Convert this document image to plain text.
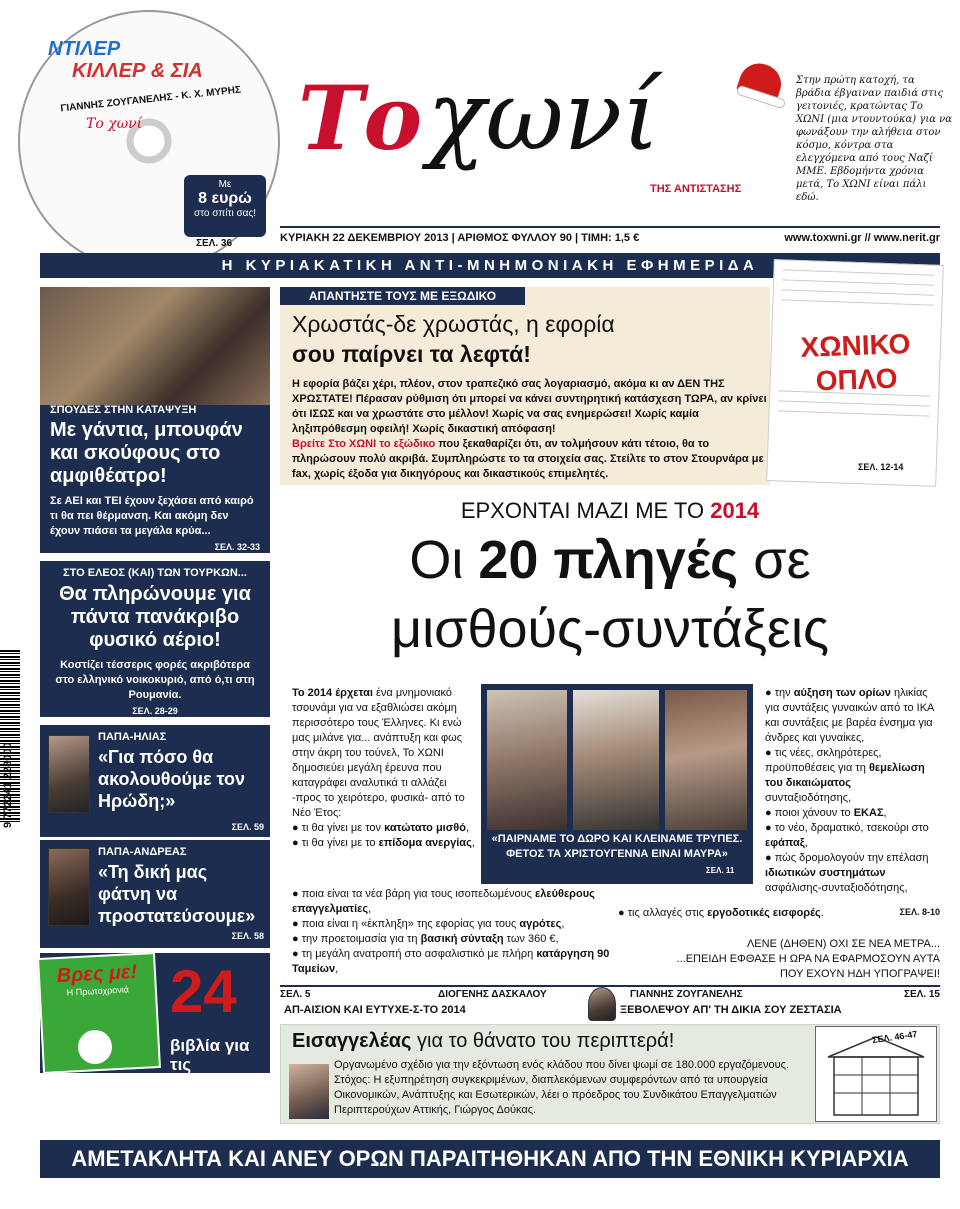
ΝΤΙΛΕΡ
ΚΙΛΛΕΡ & ΣΙΑ
ΓΙΑΝΝΗΣ ΖΟΥΓΑΝΕΛΗΣ - Κ. Χ. ΜΥΡΗΣ
Το χωνί
Με
8 ευρώ
στο σπίτι σας!
ΣΕΛ. 36
Το χωνί
ΤΗΣ ΑΝΤΙΣΤΑΣΗΣ
Στην πρώτη κατοχή, τα βράδια έβγαιναν παιδιά στις γειτονιές, κρατώντας Το ΧΩΝΙ (μια ντουντούκα) για να φωνάξουν την αλήθεια στον κόσμο, κόντρα στα ελεγχόμενα από τους Ναζί ΜΜΕ. Εβδομήντα χρόνια μετά, Το ΧΩΝΙ είναι πάλι εδώ.
ΚΥΡΙΑΚΗ 22 ΔΕΚΕΜΒΡΙΟΥ 2013 | ΑΡΙΘΜΟΣ ΦΥΛΛΟΥ 90 | ΤΙΜΗ: 1,5 €	www.toxwni.gr // www.nerit.gr
Η ΚΥΡΙΑΚΑΤΙΚΗ ΑΝΤΙ-ΜΝΗΜΟΝΙΑΚΗ ΕΦΗΜΕΡΙΔΑ
ΣΠΟΥΔΕΣ ΣΤΗΝ ΚΑΤΑΨΥΞΗ
Με γάντια, μπουφάν και σκούφους στο αμφιθέατρο!
Σε ΑΕΙ και ΤΕΙ έχουν ξεχάσει από καιρό τι θα πει θέρμανση. Και ακόμη δεν έχουν πιάσει τα μεγάλα κρύα...
ΣΕΛ. 32-33
ΣΤΟ ΕΛΕΟΣ (ΚΑΙ) ΤΩΝ ΤΟΥΡΚΩΝ...
Θα πληρώνουμε για πάντα πανάκριβο φυσικό αέριο!
Κοστίζει τέσσερις φορές ακριβότερα στο ελληνικό νοικοκυριό, από ό,τι στη Ρουμανία.
ΣΕΛ. 28-29
ΠΑΠΑ-ΗΛΙΑΣ
«Για πόσο θα ακολουθούμε τον Ηρώδη;»
ΣΕΛ. 59
ΠΑΠΑ-ΑΝΔΡΕΑΣ
«Τη δική μας φάτνη να προστατεύσουμε»
ΣΕΛ. 58
Βρες με!
Η Πρωτοχρονιά 24
βιβλία για τις γιορτές!
ΣΕΛ. 48-51
ΑΠΑΝΤΗΣΤΕ ΤΟΥΣ ΜΕ ΕΞΩΔΙΚΟ
Χρωστάς-δε χρωστάς, η εφορία
σου παίρνει τα λεφτά!
Η εφορία βάζει χέρι, πλέον, στον τραπεζικό σας λογαριασμό, ακόμα κι αν ΔΕΝ ΤΗΣ ΧΡΩΣΤΑΤΕ! Πέρασαν ρύθμιση ότι μπορεί να κάνει συντηρητική κατάσχεση ΤΩΡΑ, αν κρίνει ότι ΙΣΩΣ και να χρωστάτε στο μέλλον! Χωρίς να σας ενημερώσει! Χωρίς καμία ληξιπρόθεσμη οφειλή! Χωρίς δικαστική απόφαση!
Βρείτε Στο ΧΩΝΙ το εξώδικο που ξεκαθαρίζει ότι, αν τολμήσουν κάτι τέτοιο, θα το πληρώσουν πολύ ακριβά. Συμπληρώστε το τα στοιχεία σας. Στείλτε το στον Στουρνάρα με fax, χωρίς έξοδα για δικηγόρους και δικαστικούς επιμελητές.
ΧΩΝΙΚΟ ΟΠΛΟ
ΣΕΛ. 12-14
ΕΡΧΟΝΤΑΙ ΜΑΖΙ ΜΕ ΤΟ 2014
Οι 20 πληγές σε
μισθούς-συντάξεις

Το 2014 έρχεται ένα μνημονιακό τσουνάμι για να εξαθλιώσει ακόμη περισσότερο τους Έλληνες. Κι ενώ μας μιλάνε για... ανάπτυξη και φως στην άκρη του τούνελ, Το ΧΩΝΙ δημοσιεύει μεγάλη έρευνα που καταγράφει αναλυτικά τι αλλάζει -προς το χειρότερο, φυσικά- από το Νέο Έτος:

● τι θα γίνει με τον κατώτατο μισθό,

● τι θα γίνει με το επίδομα ανεργίας,	«ΠΑΙΡΝΑΜΕ ΤΟ ΔΩΡΟ ΚΑΙ ΚΛΕΙΝΑΜΕ ΤΡΥΠΕΣ. ΦΕΤΟΣ ΤΑ ΧΡΙΣΤΟΥΓΕΝΝΑ ΕΙΝΑΙ ΜΑΥΡΑ»
ΣΕΛ. 11

● την αύξηση των ορίων ηλικίας για συντάξεις γυναικών από το ΙΚΑ και συντάξεις με βαρέα ένσημα για άνδρες και γυναίκες,

● τις νέες, σκληρότερες, προϋποθέσεις για τη θεμελίωση του δικαιώματος συνταξιοδότησης,

● ποιοι χάνουν το ΕΚΑΣ,

● το νέο, δραματικό, τσεκούρι στο εφάπαξ,

● πώς δρομολογούν την επέλαση ιδιωτικών συστημάτων ασφάλισης-συνταξιοδότησης,

● ποια είναι τα νέα βάρη για τους ισοπεδωμένους ελεύθερους επαγγελματίες,

● ποια είναι η «έκπληξη» της εφορίας για τους αγρότες,

● την προετοιμασία για τη βασική σύνταξη των 360 €,

● τη μεγάλη ανατροπή στο ασφαλιστικό με πλήρη κατάργηση 90 Ταμείων,

● τις αλλαγές στις εργοδοτικές εισφορές.	ΣΕΛ. 8-10
ΛΕΝΕ (ΔΗΘΕΝ) ΟΧΙ ΣΕ ΝΕΑ ΜΕΤΡΑ...
...ΕΠΕΙΔΗ ΕΦΘΑΣΕ Η ΩΡΑ ΝΑ ΕΦΑΡΜΟΣΟΥΝ ΑΥΤΑ
ΠΟΥ ΕΧΟΥΝ ΗΔΗ ΥΠΟΓΡΑΨΕΙ!
ΣΕΛ. 5	ΔΙΟΓΕΝΗΣ ΔΑΣΚΑΛΟΥ	ΓΙΑΝΝΗΣ ΖΟΥΓΑΝΕΛΗΣ	ΣΕΛ. 15
ΑΠ-ΑΙΣΙΟΝ ΚΑΙ ΕΥΤΥΧΕ-Σ-ΤΟ 2014	ΞΕΒΟΛΕΨΟΥ ΑΠ' ΤΗ ΔΙΚΙΑ ΣΟΥ ΖΕΣΤΑΣΙΑ
Εισαγγελέας για το θάνατο του περιπτερά!
Οργανωμένο σχέδιο για την εξόντωση ενός κλάδου που δίνει ψωμί σε 180.000 εργαζόμενους. Στόχος: Η εξυπηρέτηση συγκεκριμένων, διαπλεκόμενων συμφερόντων από τα υπουργεία Οικονομικών, Ανάπτυξης και Εσωτερικών, λέει ο πρόεδρος του Συνδικάτου Επαγγελματιών Περιπτερούχων Αττικής, Γιώργος Δούκας.
ΣΕΛ. 46-47
ΑΜΕΤΑΚΛΗΤΑ ΚΑΙ ΑΝΕΥ ΟΡΩΝ ΠΑΡΑΙΤΗΘΗΚΑΝ ΑΠΟ ΤΗΝ ΕΘΝΙΚΗ ΚΥΡΙΑΡΧΙΑ
9 772241 228000
